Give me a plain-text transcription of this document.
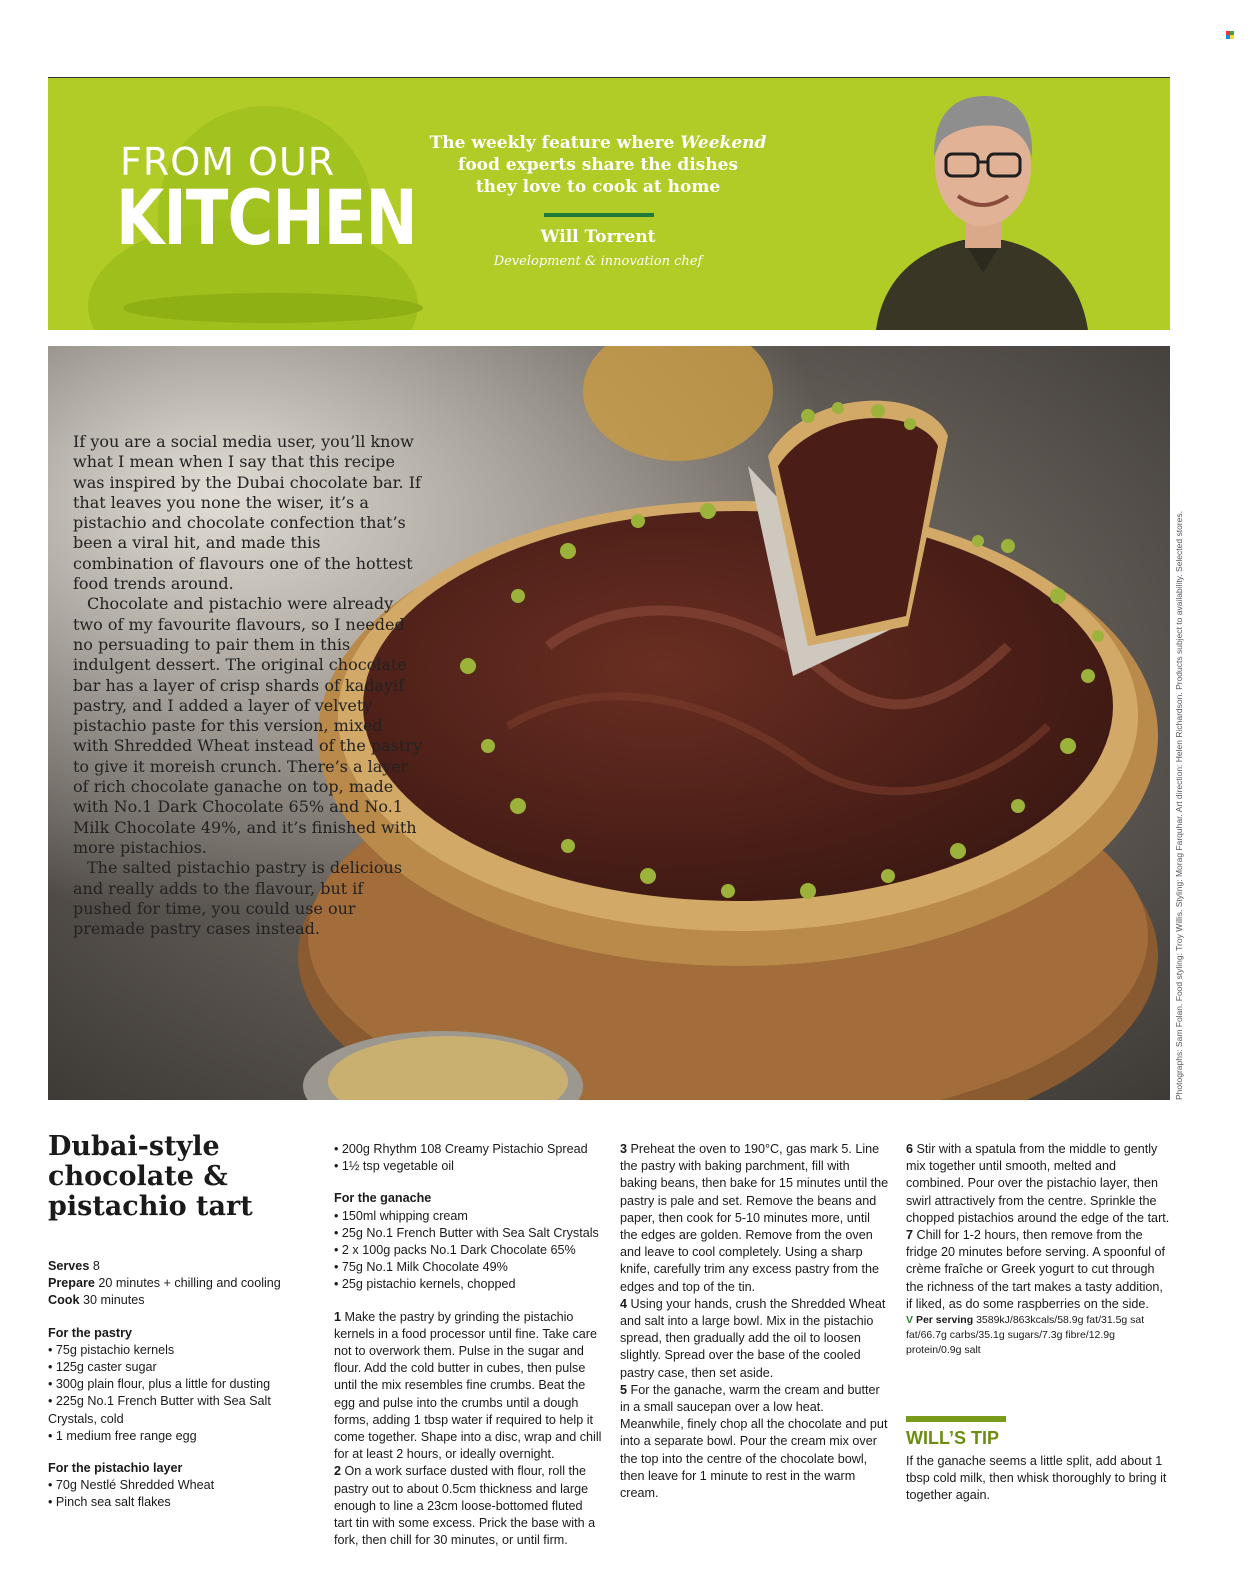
FROM OUR
KITCHEN
The weekly feature where Weekend
food experts share the dishes
they love to cook at home
Will Torrent
Development & innovation chef

If you are a social media user, you’ll know what I mean when I say that this recipe was inspired by the Dubai chocolate bar. If that leaves you none the wiser, it’s a pistachio and chocolate confection that’s been a viral hit, and made this combination of flavours one of the hottest food trends around.

Chocolate and pistachio were already two of my favourite flavours, so I needed no persuading to pair them in this indulgent dessert. The original chocolate bar has a layer of crisp shards of kadayif pastry, and I added a layer of velvety pistachio paste for this version, mixed with Shredded Wheat instead of the pastry to give it moreish crunch. There’s a layer of rich chocolate ganache on top, made with No.1 Dark Chocolate 65% and No.1 Milk Chocolate 49%, and it’s finished with more pistachios.

The salted pistachio pastry is delicious and really adds to the flavour, but if pushed for time, you could use our premade pastry cases instead.	Photographs: Sam Folan. Food styling: Troy Willis. Styling: Morag Farquhar. Art direction: Helen Richardson. Products subject to availability. Selected stores.
Dubai-style chocolate & pistachio tart

Serves 8

Prepare 20 minutes + chilling and cooling

Cook 30 minutes

For the pastry

• 75g pistachio kernels

• 125g caster sugar

• 300g plain flour, plus a little for dusting

• 225g No.1 French Butter with Sea Salt Crystals, cold

• 1 medium free range egg

For the pistachio layer

• 70g Nestlé Shredded Wheat

• Pinch sea salt flakes

• 200g Rhythm 108 Creamy Pistachio Spread

• 1½ tsp vegetable oil

For the ganache

• 150ml whipping cream

• 25g No.1 French Butter with Sea Salt Crystals

• 2 x 100g packs No.1 Dark Chocolate 65%

• 75g No.1 Milk Chocolate 49%

• 25g pistachio kernels, chopped

1 Make the pastry by grinding the pistachio kernels in a food processor until fine. Take care not to overwork them. Pulse in the sugar and flour. Add the cold butter in cubes, then pulse until the mix resembles fine crumbs. Beat the egg and pulse into the crumbs until a dough forms, adding 1 tbsp water if required to help it come together. Shape into a disc, wrap and chill for at least 2 hours, or ideally overnight.

2 On a work surface dusted with flour, roll the pastry out to about 0.5cm thickness and large enough to line a 23cm loose-bottomed fluted tart tin with some excess. Prick the base with a fork, then chill for 30 minutes, or until firm.

3 Preheat the oven to 190°C, gas mark 5. Line the pastry with baking parchment, fill with baking beans, then bake for 15 minutes until the pastry is pale and set. Remove the beans and paper, then cook for 5-10 minutes more, until the edges are golden. Remove from the oven and leave to cool completely. Using a sharp knife, carefully trim any excess pastry from the edges and top of the tin.

4 Using your hands, crush the Shredded Wheat and salt into a large bowl. Mix in the pistachio spread, then gradually add the oil to loosen slightly. Spread over the base of the cooled pastry case, then set aside.

5 For the ganache, warm the cream and butter in a small saucepan over a low heat. Meanwhile, finely chop all the chocolate and put into a separate bowl. Pour the cream mix over the top into the centre of the chocolate bowl, then leave for 1 minute to rest in the warm cream.

6 Stir with a spatula from the middle to gently mix together until smooth, melted and combined. Pour over the pistachio layer, then swirl attractively from the centre. Sprinkle the chopped pistachios around the edge of the tart.

7 Chill for 1-2 hours, then remove from the fridge 20 minutes before serving. A spoonful of crème fraîche or Greek yogurt to cut through the richness of the tart makes a tasty addition, if liked, as do some raspberries on the side.

V Per serving 3589kJ/863kcals/58.9g fat/31.5g sat fat/66.7g carbs/35.1g sugars/7.3g fibre/12.9g protein/0.9g salt

WILL’S TIP
If the ganache seems a little split, add about 1 tbsp cold milk, then whisk thoroughly to bring it together again.
